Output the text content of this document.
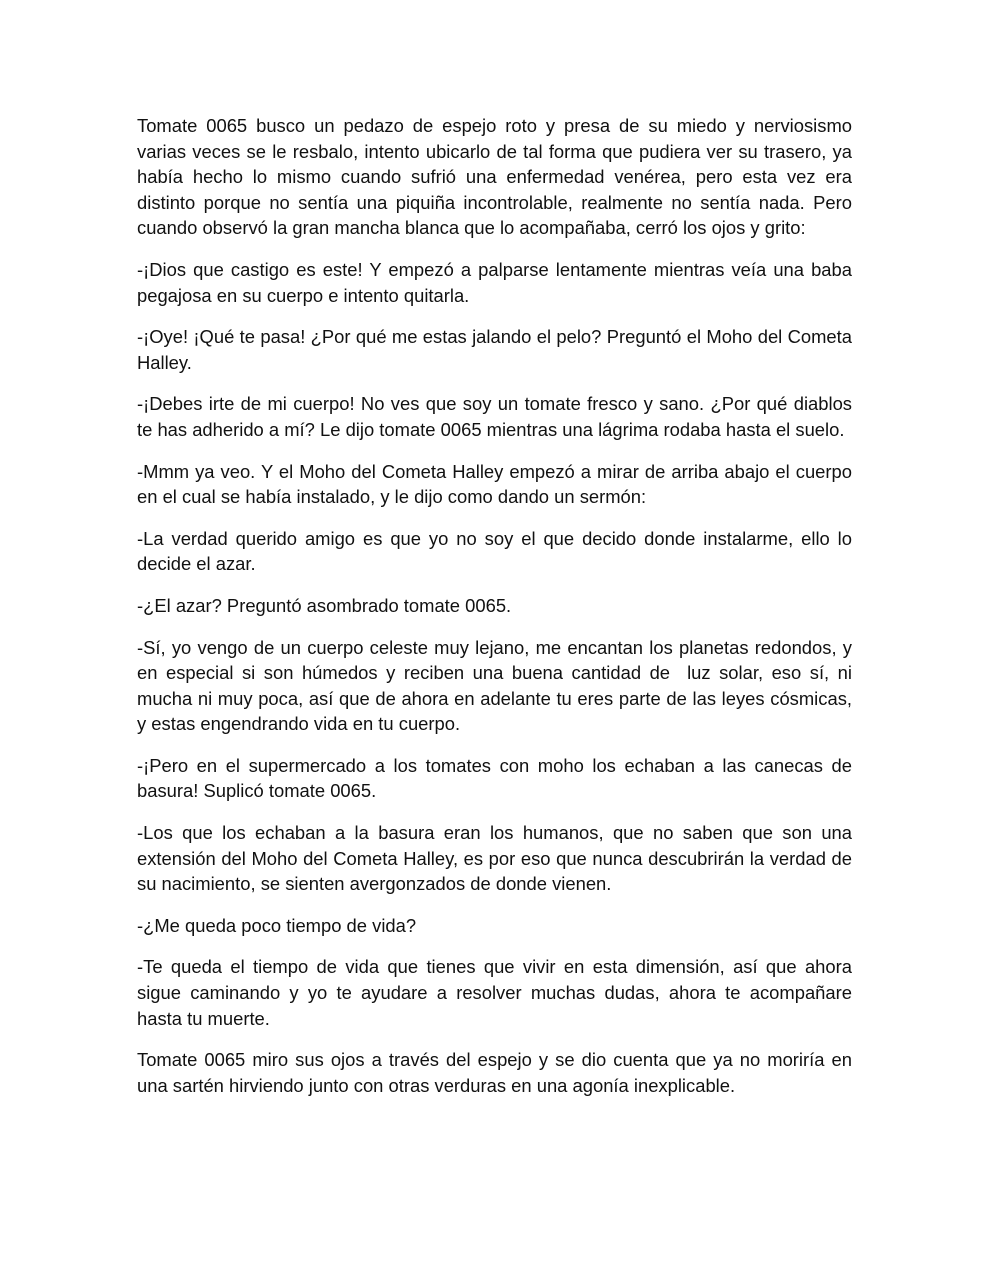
Tomate 0065 busco un pedazo de espejo roto y presa de su miedo y nerviosismo varias veces se le resbalo, intento ubicarlo de tal forma que pudiera ver su trasero, ya había hecho lo mismo cuando sufrió una enfermedad venérea, pero esta vez era distinto porque no sentía una piquiña incontrolable, realmente no sentía nada. Pero cuando observó la gran mancha blanca que lo acompañaba, cerró los ojos y grito:

-¡Dios que castigo es este! Y empezó a palparse lentamente mientras veía una baba pegajosa en su cuerpo e intento quitarla.

-¡Oye! ¡Qué te pasa! ¿Por qué me estas jalando el pelo? Preguntó el Moho del Cometa Halley.

-¡Debes irte de mi cuerpo! No ves que soy un tomate fresco y sano. ¿Por qué diablos te has adherido a mí? Le dijo tomate 0065 mientras una lágrima rodaba hasta el suelo.

-Mmm ya veo. Y el Moho del Cometa Halley empezó a mirar de arriba abajo el cuerpo en el cual se había instalado, y le dijo como dando un sermón:

-La verdad querido amigo es que yo no soy el que decido donde instalarme, ello lo decide el azar.

-¿El azar? Preguntó asombrado tomate 0065.

-Sí, yo vengo de un cuerpo celeste muy lejano, me encantan los planetas redondos, y en especial si son húmedos y reciben una buena cantidad de  luz solar, eso sí, ni mucha ni muy poca, así que de ahora en adelante tu eres parte de las leyes cósmicas, y estas engendrando vida en tu cuerpo.

-¡Pero en el supermercado a los tomates con moho los echaban a las canecas de basura! Suplicó tomate 0065.

-Los que los echaban a la basura eran los humanos, que no saben que son una extensión del Moho del Cometa Halley, es por eso que nunca descubrirán la verdad de su nacimiento, se sienten avergonzados de donde vienen.

-¿Me queda poco tiempo de vida?

-Te queda el tiempo de vida que tienes que vivir en esta dimensión, así que ahora sigue caminando y yo te ayudare a resolver muchas dudas, ahora te acompañare hasta tu muerte.

Tomate 0065 miro sus ojos a través del espejo y se dio cuenta que ya no moriría en una sartén hirviendo junto con otras verduras en una agonía inexplicable.
